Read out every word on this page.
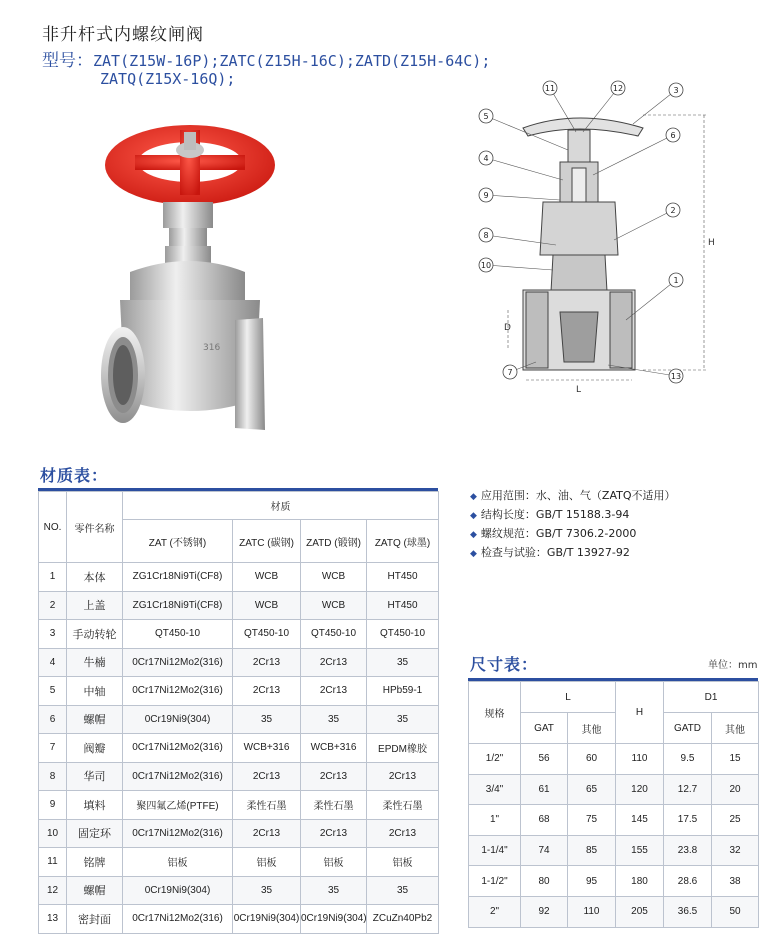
非升杆式内螺纹闸阀
型号：ZAT(Z15W-16P);ZATC(Z15H-16C);ZATD(Z15H-64C);
ZATQ(Z15X-16Q);
316
H
D
L
11	12	3
5
6
4
9
2
8
10
1
7	13
材质表：
NO.	零件名称	材质			
		ZAT (不锈钢)	ZATC (碳钢)	ZATD (锻钢)	ZATQ (球墨)
1	本体	ZG1Cr18Ni9Ti(CF8)	WCB	WCB	HT450
2	上盖	ZG1Cr18Ni9Ti(CF8)	WCB	WCB	HT450
3	手动转轮	QT450-10	QT450-10	QT450-10	QT450-10
4	牛楠	0Cr17Ni12Mo2(316)	2Cr13	2Cr13	35
5	中轴	0Cr17Ni12Mo2(316)	2Cr13	2Cr13	HPb59-1
6	螺帽	0Cr19Ni9(304)	35	35	35
7	阀瓣	0Cr17Ni12Mo2(316)	WCB+316	WCB+316	EPDM橡胶
8	华司	0Cr17Ni12Mo2(316)	2Cr13	2Cr13	2Cr13
9	填料	聚四氟乙烯(PTFE)	柔性石墨	柔性石墨	柔性石墨
10	固定环	0Cr17Ni12Mo2(316)	2Cr13	2Cr13	2Cr13
11	铭牌	铝板	铝板	铝板	铝板
12	螺帽	0Cr19Ni9(304)	35	35	35
13	密封面	0Cr17Ni12Mo2(316)	0Cr19Ni9(304)	0Cr19Ni9(304)	ZCuZn40Pb2
◆ 应用范围：水、油、气（ZATQ不适用）
◆ 结构长度：GB/T 15188.3-94
◆ 螺纹规范：GB/T 7306.2-2000
◆ 检查与试验：GB/T 13927-92
尺寸表：	单位：mm
规格	L		H	D1	
	GAT	其他		GATD	其他
1/2"	56	60	110	9.5	15
3/4"	61	65	120	12.7	20
1"	68	75	145	17.5	25
1-1/4"	74	85	155	23.8	32
1-1/2"	80	95	180	28.6	38
2"	92	110	205	36.5	50
